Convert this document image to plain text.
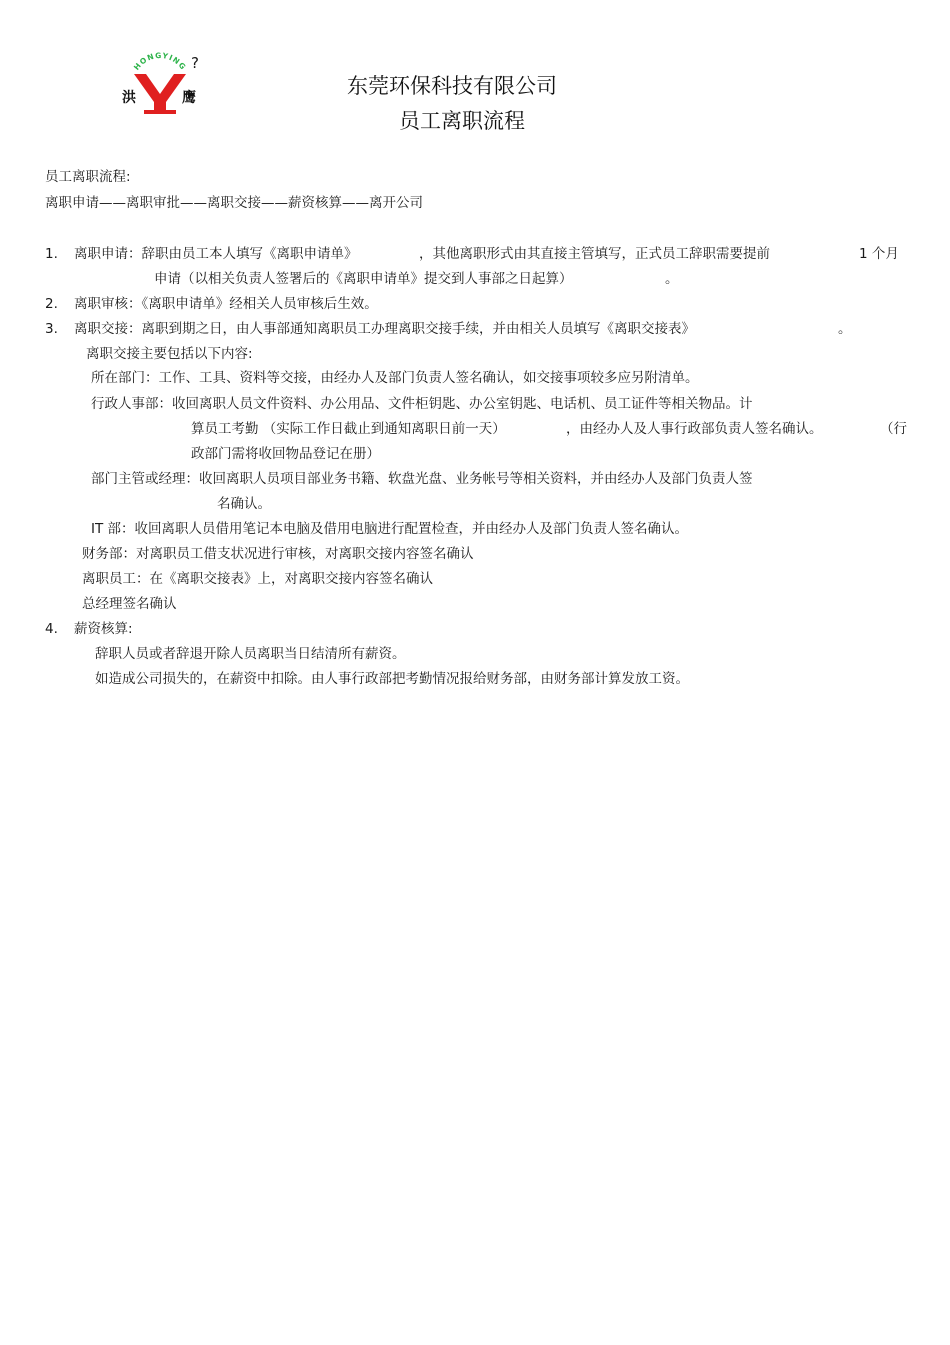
HONGYING
洪	鹰
?
东莞环保科技有限公司
员工离职流程
员工离职流程:
离职申请——离职审批——离职交接——薪资核算——离开公司
1. 离职申请：辞职由员工本人填写《离职申请单》	，其他离职形式由其直接主管填写，正式员工辞职需要提前	1 个月
申请（以相关负责人签署后的《离职申请单》提交到人事部之日起算）	。
2. 离职审核：《离职申请单》经相关人员审核后生效。
3. 离职交接：离职到期之日，由人事部通知离职员工办理离职交接手续，并由相关人员填写《离职交接表》	。
离职交接主要包括以下内容:
所在部门：工作、工具、资料等交接，由经办人及部门负责人签名确认，如交接事项较多应另附清单。
行政人事部：收回离职人员文件资料、办公用品、文件柜钥匙、办公室钥匙、电话机、员工证件等相关物品。计
算员工考勤 （实际工作日截止到通知离职日前一天）	，由经办人及人事行政部负责人签名确认。	（行
政部门需将收回物品登记在册）
部门主管或经理：收回离职人员项目部业务书籍、软盘光盘、业务帐号等相关资料，并由经办人及部门负责人签
名确认。
IT 部：收回离职人员借用笔记本电脑及借用电脑进行配置检查，并由经办人及部门负责人签名确认。
财务部：对离职员工借支状况进行审核，对离职交接内容签名确认
离职员工：在《离职交接表》上，对离职交接内容签名确认
总经理签名确认
4. 薪资核算:
辞职人员或者辞退开除人员离职当日结清所有薪资。
如造成公司损失的，在薪资中扣除。由人事行政部把考勤情况报给财务部，由财务部计算发放工资。
